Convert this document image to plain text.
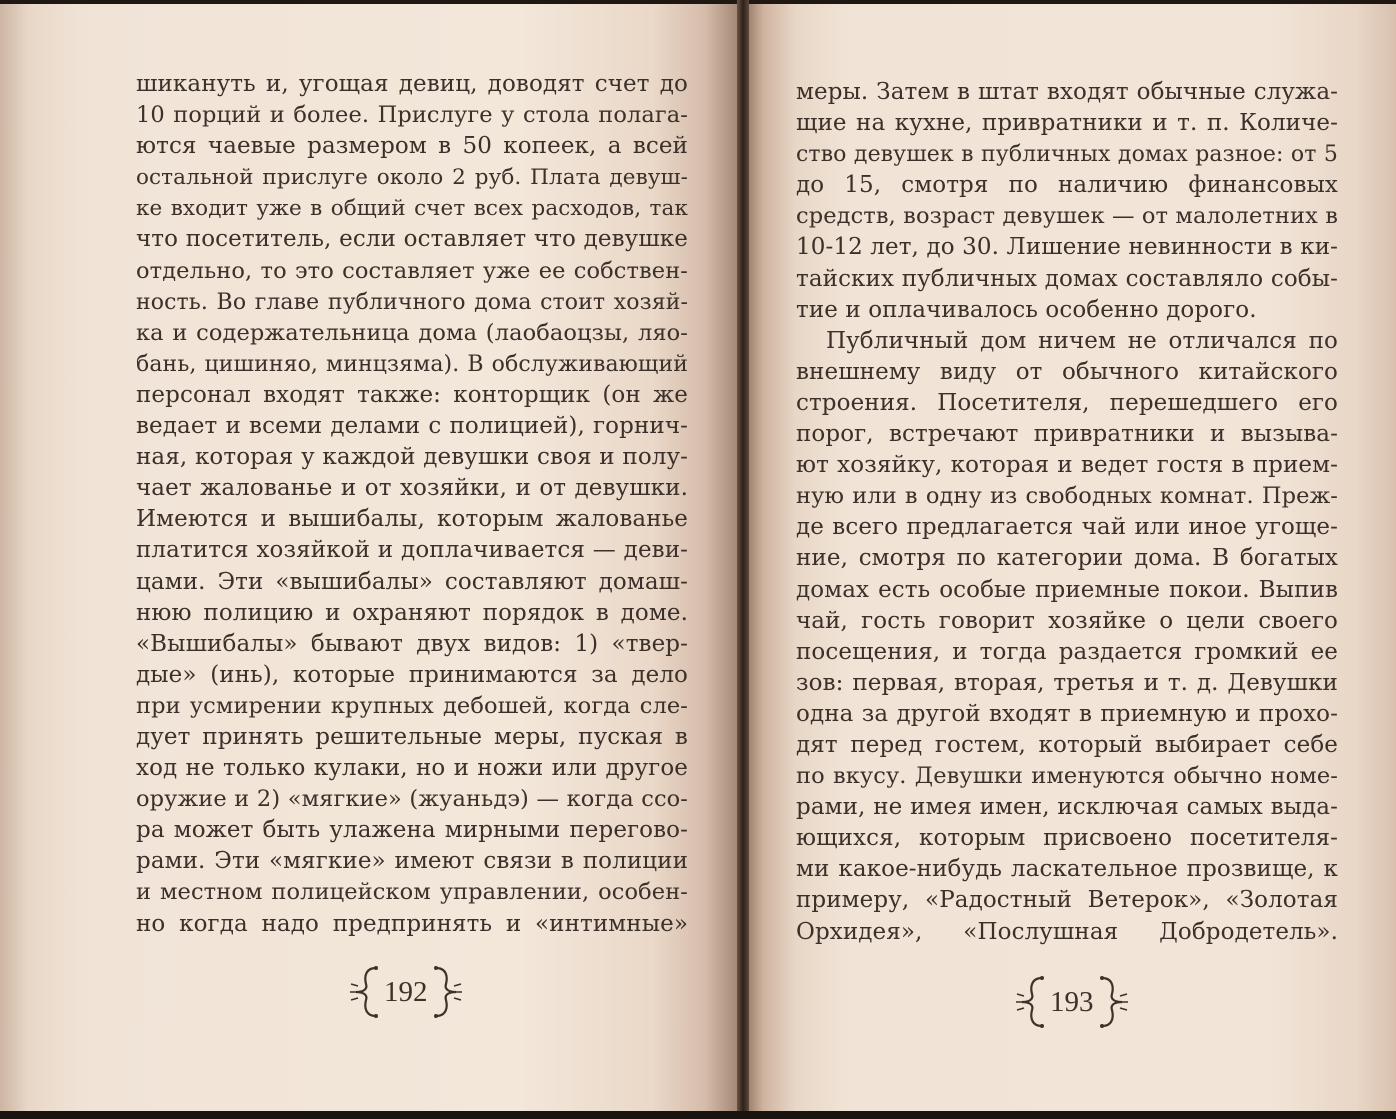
шикануть и, угощая девиц, доводят счет до
10 порций и более. Прислуге у стола полага-
ются чаевые размером в 50 копеек, а всей
остальной прислуге около 2 руб. Плата девуш-
ке входит уже в общий счет всех расходов, так
что посетитель, если оставляет что девушке
отдельно, то это составляет уже ее собствен-
ность. Во главе публичного дома стоит хозяй-
ка и содержательница дома (лаобаоцзы, ляо-
бань, цишиняо, минцзяма). В обслуживающий
персонал входят также: конторщик (он же
ведает и всеми делами с полицией), горнич-
ная, которая у каждой девушки своя и полу-
чает жалованье и от хозяйки, и от девушки.
Имеются и вышибалы, которым жалованье
платится хозяйкой и доплачивается — деви-
цами. Эти «вышибалы» составляют домаш-
нюю полицию и охраняют порядок в доме.
«Вышибалы» бывают двух видов: 1) «твер-
дые» (инь), которые принимаются за дело
при усмирении крупных дебошей, когда сле-
дует принять решительные меры, пуская в
ход не только кулаки, но и ножи или другое
оружие и 2) «мягкие» (жуаньдэ) — когда ссо-
ра может быть улажена мирными перегово-
рами. Эти «мягкие» имеют связи в полиции
и местном полицейском управлении, особен-
но когда надо предпринять и «интимные»
192
меры. Затем в штат входят обычные служа-
щие на кухне, привратники и т. п. Количе-
ство девушек в публичных домах разное: от 5
до 15, смотря по наличию финансовых
средств, возраст девушек — от малолетних в
10-12 лет, до 30. Лишение невинности в ки-
тайских публичных домах составляло собы-
тие и оплачивалось особенно дорого.
Публичный дом ничем не отличался по
внешнему виду от обычного китайского
строения. Посетителя, перешедшего его
порог, встречают привратники и вызыва-
ют хозяйку, которая и ведет гостя в прием-
ную или в одну из свободных комнат. Преж-
де всего предлагается чай или иное угоще-
ние, смотря по категории дома. В богатых
домах есть особые приемные покои. Выпив
чай, гость говорит хозяйке о цели своего
посещения, и тогда раздается громкий ее
зов: первая, вторая, третья и т. д. Девушки
одна за другой входят в приемную и прохо-
дят перед гостем, который выбирает себе
по вкусу. Девушки именуются обычно номе-
рами, не имея имен, исключая самых выда-
ющихся, которым присвоено посетителя-
ми какое-нибудь ласкательное прозвище, к
примеру, «Радостный Ветерок», «Золотая
Орхидея», «Послушная Добродетель».
193
